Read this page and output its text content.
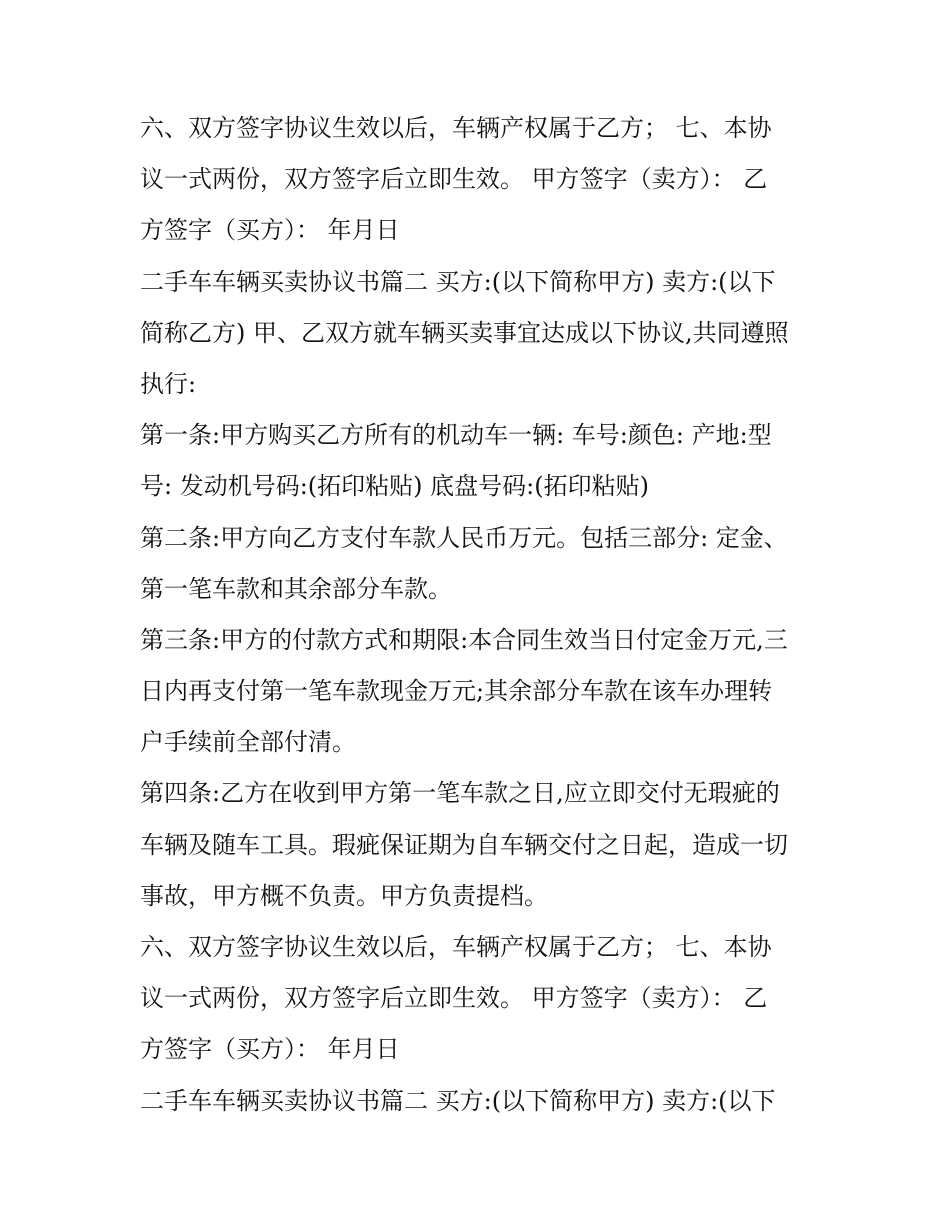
六、双方签字协议生效以后，车辆产权属于乙方； 七、本协
议一式两份，双方签字后立即生效。 甲方签字（卖方）： 乙
方签字（买方）： 年月日
二手车车辆买卖协议书篇二 买方:(以下简称甲方) 卖方:(以下
简称乙方) 甲、乙双方就车辆买卖事宜达成以下协议,共同遵照
执行:
第一条:甲方购买乙方所有的机动车一辆: 车号:颜色: 产地:型
号: 发动机号码:(拓印粘贴) 底盘号码:(拓印粘贴)
第二条:甲方向乙方支付车款人民币万元。包括三部分: 定金、
第一笔车款和其余部分车款。
第三条:甲方的付款方式和期限:本合同生效当日付定金万元,三
日内再支付第一笔车款现金万元;其余部分车款在该车办理转
户手续前全部付清。
第四条:乙方在收到甲方第一笔车款之日,应立即交付无瑕疵的
车辆及随车工具。瑕疵保证期为自车辆交付之日起，造成一切
事故，甲方概不负责。甲方负责提档。
六、双方签字协议生效以后，车辆产权属于乙方； 七、本协
议一式两份，双方签字后立即生效。 甲方签字（卖方）： 乙
方签字（买方）： 年月日
二手车车辆买卖协议书篇二 买方:(以下简称甲方) 卖方:(以下
